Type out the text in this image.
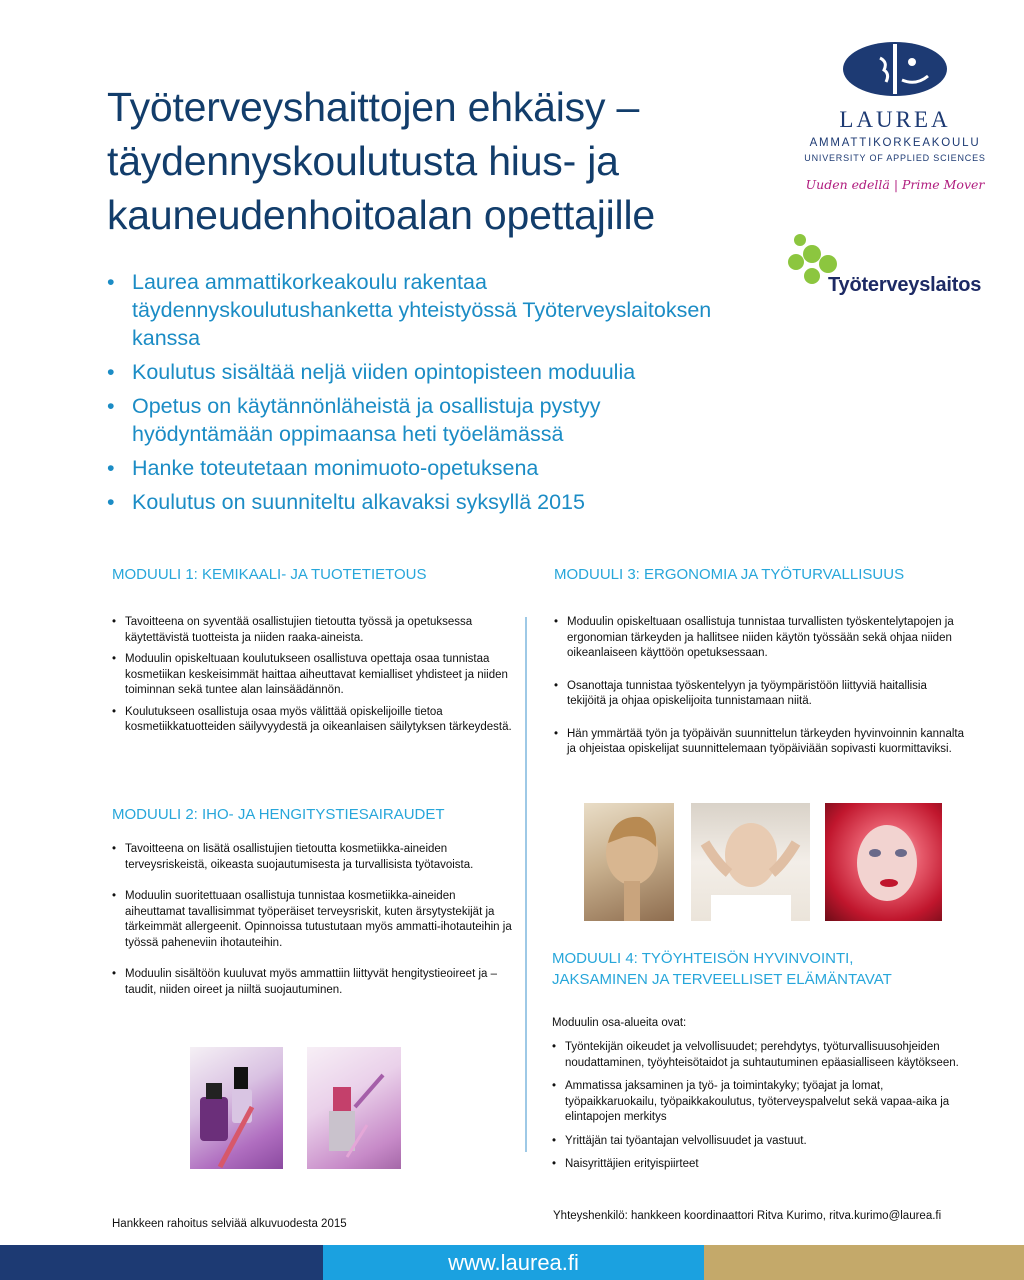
Työterveyshaittojen ehkäisy –
täydennyskoulutusta hius- ja
kauneudenhoitoalan opettajille
LAUREA
AMMATTIKORKEAKOULU
UNIVERSITY OF APPLIED SCIENCES
Uuden edellä | Prime Mover
Työterveyslaitos
• Laurea ammattikorkeakoulu rakentaa täydennyskoulutushanketta yhteistyössä Työterveyslaitoksen kanssa
• Koulutus sisältää neljä viiden opintopisteen moduulia
• Opetus on käytännönläheistä ja osallistuja pystyy hyödyntämään oppimaansa heti työelämässä
• Hanke toteutetaan monimuoto-opetuksena
• Koulutus on suunniteltu alkavaksi syksyllä 2015
MODUULI 1: KEMIKAALI- JA TUOTETIETOUS
• Tavoitteena on syventää osallistujien tietoutta työssä ja opetuksessa käytettävistä tuotteista ja niiden raaka-aineista.
• Moduulin opiskeltuaan koulutukseen osallistuva opettaja osaa tunnistaa kosmetiikan keskeisimmät haittaa aiheuttavat kemialliset yhdisteet ja niiden toiminnan sekä tuntee alan lainsäädännön.
• Koulutukseen osallistuja osaa myös välittää opiskelijoille tietoa kosmetiikkatuotteiden säilyvyydestä ja oikeanlaisen säilytyksen tärkeydestä.
MODUULI 2: IHO- JA HENGITYSTIESAIRAUDET
• Tavoitteena on lisätä osallistujien tietoutta kosmetiikka-aineiden terveysriskeistä, oikeasta suojautumisesta ja turvallisista työtavoista.
• Moduulin suoritettuaan osallistuja tunnistaa kosmetiikka-aineiden aiheuttamat tavallisimmat työperäiset terveysriskit, kuten ärsytystekijät ja tärkeimmät allergeenit. Opinnoissa tutustutaan myös ammatti-ihotauteihin ja työssä paheneviin ihotauteihin.
• Moduulin sisältöön kuuluvat myös ammattiin liittyvät hengitystieoireet ja –taudit, niiden oireet ja niiltä suojautuminen.
MODUULI 3: ERGONOMIA JA TYÖTURVALLISUUS
• Moduulin opiskeltuaan osallistuja tunnistaa turvallisten työskentelytapojen ja ergonomian tärkeyden ja hallitsee niiden käytön työssään sekä ohjaa niiden oikeanlaiseen käyttöön opetuksessaan.
• Osanottaja tunnistaa työskentelyyn ja työympäristöön liittyviä haitallisia tekijöitä ja ohjaa opiskelijoita tunnistamaan niitä.
• Hän ymmärtää työn ja työpäivän suunnittelun tärkeyden hyvinvoinnin kannalta ja ohjeistaa opiskelijat suunnittelemaan työpäiviään sopivasti kuormittaviksi.
MODUULI 4: TYÖYHTEISÖN HYVINVOINTI, JAKSAMINEN JA TERVEELLISET ELÄMÄNTAVAT
Moduulin osa-alueita ovat:
• Työntekijän oikeudet ja velvollisuudet; perehdytys, työturvallisuusohjeiden noudattaminen, työyhteisötaidot ja suhtautuminen epäasialliseen käytökseen.
• Ammatissa jaksaminen ja työ- ja toimintakyky; työajat ja lomat, työpaikkaruokailu, työpaikkakoulutus, työterveyspalvelut sekä vapaa-aika ja elintapojen merkitys
• Yrittäjän tai työantajan velvollisuudet ja vastuut.
• Naisyrittäjien erityispiirteet
Hankkeen rahoitus selviää alkuvuodesta 2015
Yhteyshenkilö: hankkeen koordinaattori Ritva Kurimo, ritva.kurimo@laurea.fi
www.laurea.fi
